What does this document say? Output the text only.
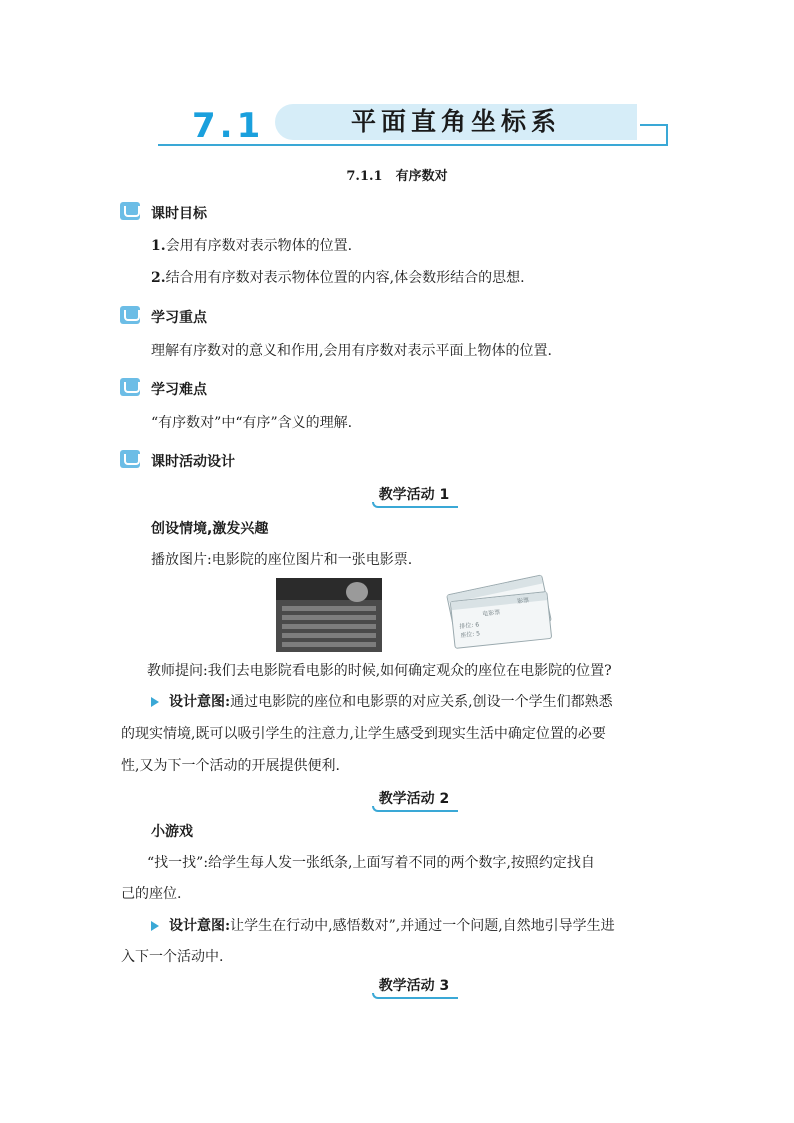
7.1	平面直角坐标系
7.1.1　有序数对
课时目标
1.会用有序数对表示物体的位置.
2.结合用有序数对表示物体位置的内容,体会数形结合的思想.
学习重点
理解有序数对的意义和作用,会用有序数对表示平面上物体的位置.
学习难点
“有序数对”中“有序”含义的理解.
课时活动设计
教学活动 1
创设情境,激发兴趣
播放图片:电影院的座位图片和一张电影票.
影票
电影票
排位: 6
座位: 5
教师提问:我们去电影院看电影的时候,如何确定观众的座位在电影院的位置?
设计意图:通过电影院的座位和电影票的对应关系,创设一个学生们都熟悉
的现实情境,既可以吸引学生的注意力,让学生感受到现实生活中确定位置的必要
性,又为下一个活动的开展提供便利.
教学活动 2
小游戏
“找一找”:给学生每人发一张纸条,上面写着不同的两个数字,按照约定找自
己的座位.
设计意图:让学生在行动中,感悟数对”,并通过一个问题,自然地引导学生进
入下一个活动中.
教学活动 3
